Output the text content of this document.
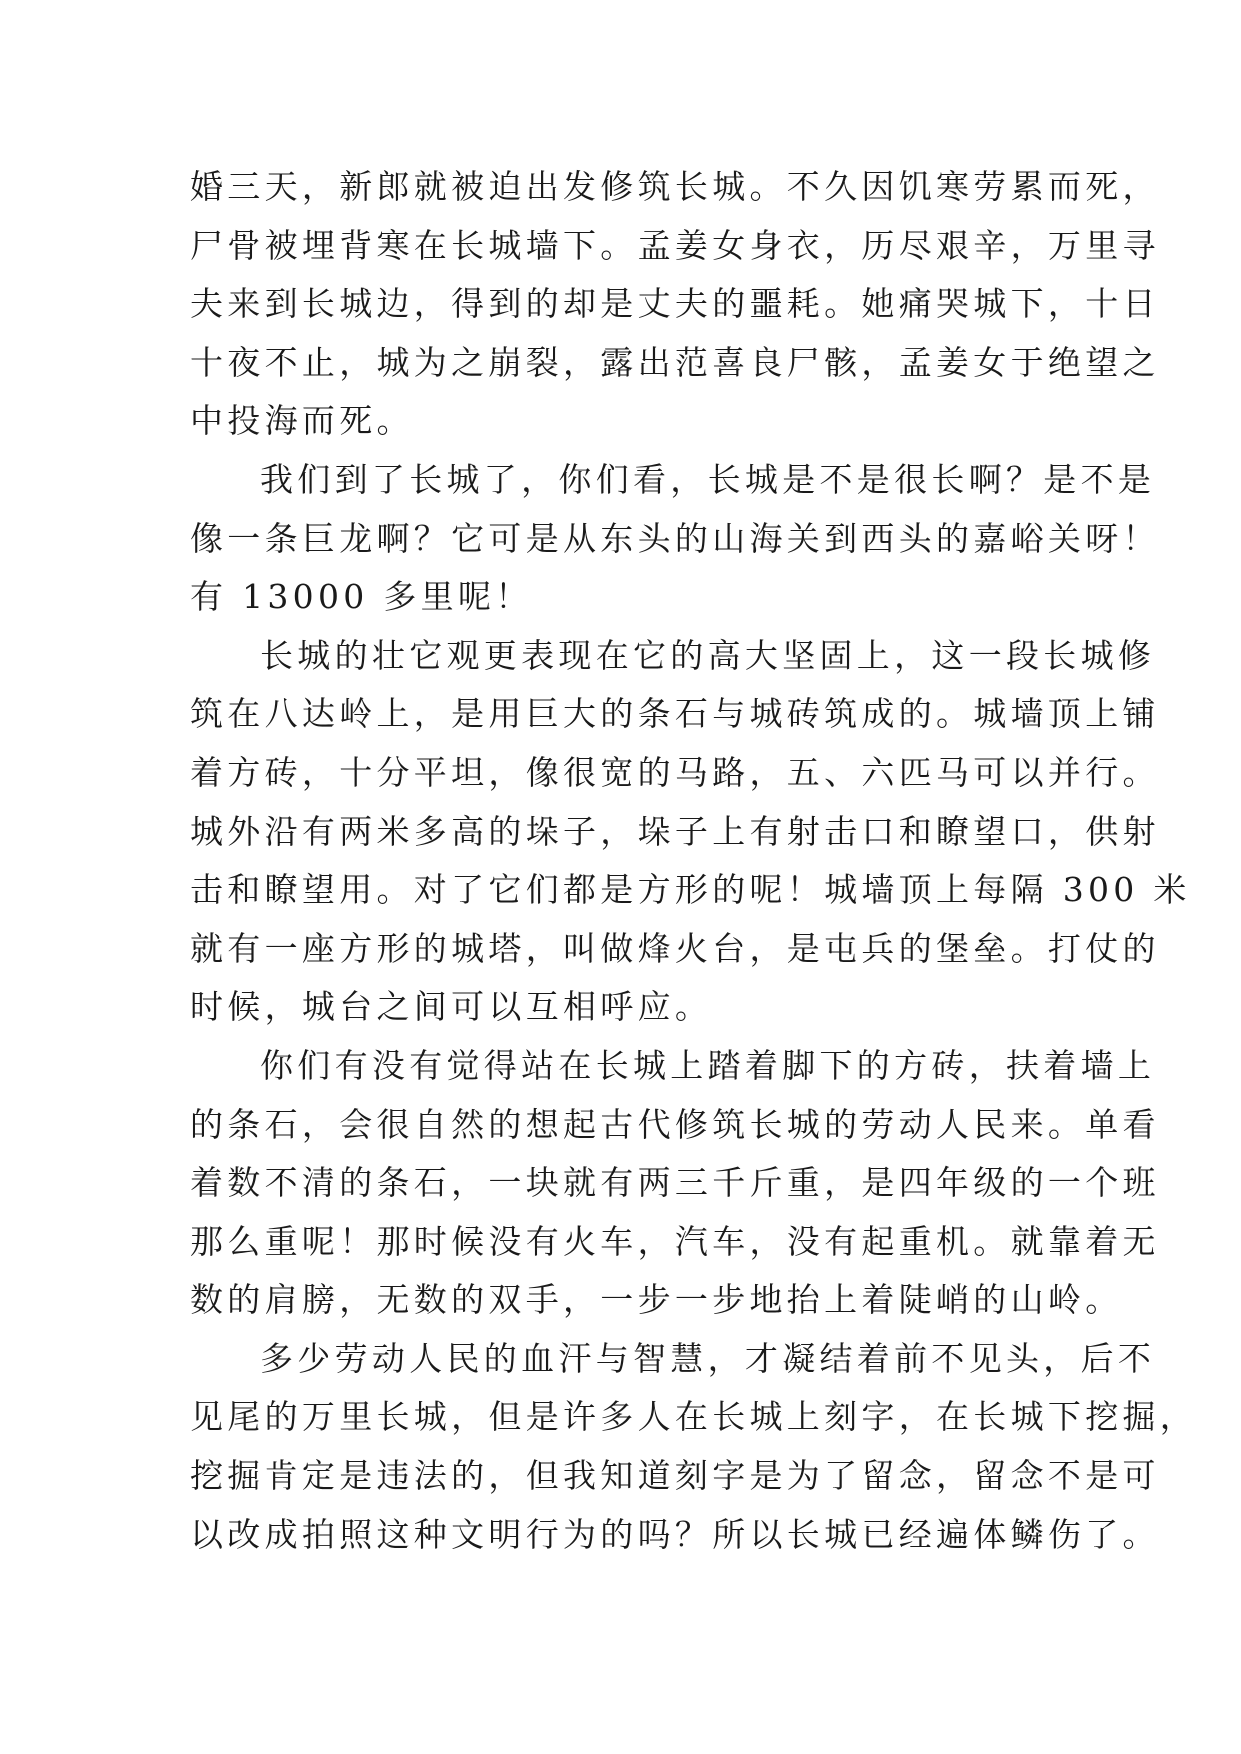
婚三天，新郎就被迫出发修筑长城。不久因饥寒劳累而死，
尸骨被埋背寒在长城墙下。孟姜女身衣，历尽艰辛，万里寻
夫来到长城边，得到的却是丈夫的噩耗。她痛哭城下，十日
十夜不止，城为之崩裂，露出范喜良尸骸，孟姜女于绝望之
中投海而死。
我们到了长城了，你们看，长城是不是很长啊？是不是
像一条巨龙啊？它可是从东头的山海关到西头的嘉峪关呀！
有 13000 多里呢！
长城的壮它观更表现在它的高大坚固上，这一段长城修
筑在八达岭上，是用巨大的条石与城砖筑成的。城墙顶上铺
着方砖，十分平坦，像很宽的马路，五、六匹马可以并行。
城外沿有两米多高的垛子，垛子上有射击口和瞭望口，供射
击和瞭望用。对了它们都是方形的呢！城墙顶上每隔 300 米
就有一座方形的城塔，叫做烽火台，是屯兵的堡垒。打仗的
时候，城台之间可以互相呼应。
你们有没有觉得站在长城上踏着脚下的方砖，扶着墙上
的条石，会很自然的想起古代修筑长城的劳动人民来。单看
着数不清的条石，一块就有两三千斤重，是四年级的一个班
那么重呢！那时候没有火车，汽车，没有起重机。就靠着无
数的肩膀，无数的双手，一步一步地抬上着陡峭的山岭。
多少劳动人民的血汗与智慧，才凝结着前不见头，后不
见尾的万里长城，但是许多人在长城上刻字，在长城下挖掘，
挖掘肯定是违法的，但我知道刻字是为了留念，留念不是可
以改成拍照这种文明行为的吗？所以长城已经遍体鳞伤了。
